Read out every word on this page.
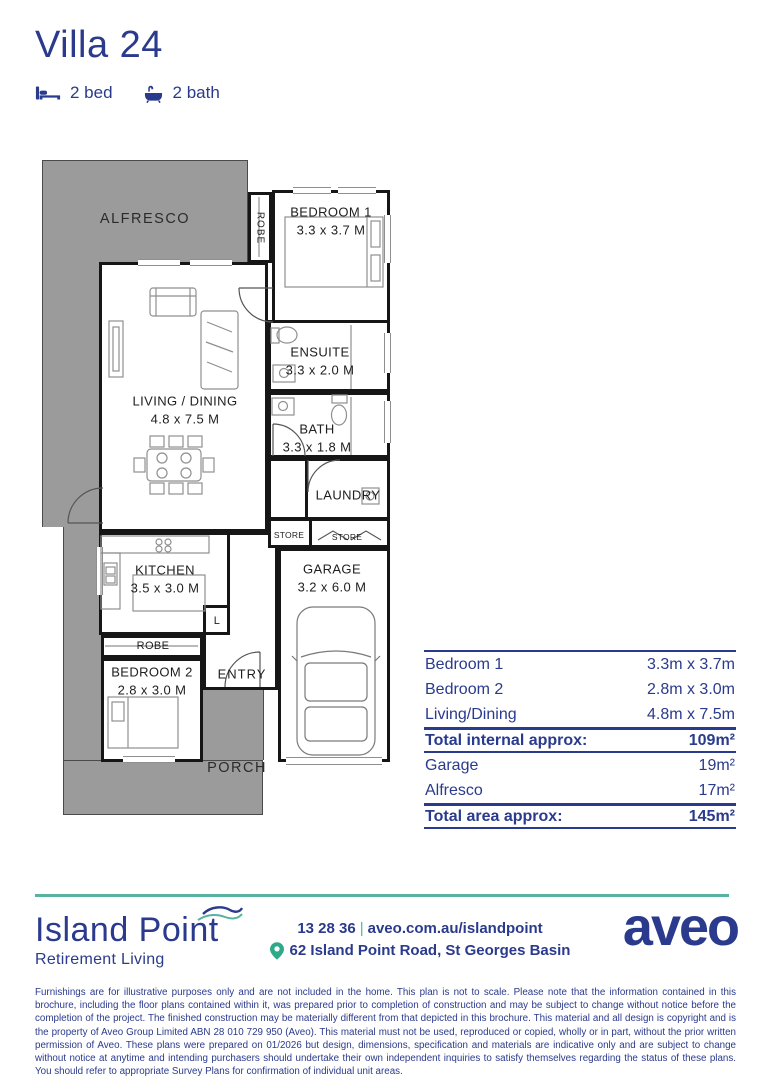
Villa 24
2 bed	2 bath
ALFRESCO	ROBE BEDROOM 1
3.3 x 3.7 M
ENSUITE
3.3 x 2.0 M
BATH
3.3 x 1.8 M
LIVING / DINING
4.8 x 7.5 M
LAUNDRY
STORE	STORE
GARAGE
3.2 x 6.0 M
KITCHEN
3.5 x 3.0 M
L
ROBE
BEDROOM 2
2.8 x 3.0 M
ENTRY
PORCH
Bedroom 1	3.3m x 3.7m
Bedroom 2	2.8m x 3.0m
Living/Dining	4.8m x 7.5m
Total internal approx:	109m²
Garage	19m²
Alfresco	17m²
Total area approx:	145m²
Island Point
Retirement Living
13 28 36 | aveo.com.au/islandpoint
62 Island Point Road, St Georges Basin aveo
Furnishings are for illustrative purposes only and are not included in the home. This plan is not to scale. Please note that the information contained in this brochure, including the floor plans contained within it, was prepared prior to completion of construction and may be subject to change without notice before the completion of the project. The finished construction may be materially different from that depicted in this brochure. This material and all design is copyright and is the property of Aveo Group Limited ABN 28 010 729 950 (Aveo). This material must not be used, reproduced or copied, wholly or in part, without the prior written permission of Aveo. These plans were prepared on 01/2026 but design, dimensions, specification and materials are indicative only and are subject to change without notice at anytime and intending purchasers should undertake their own independent inquiries to satisfy themselves regarding the status of these plans. You should refer to appropriate Survey Plans for confirmation of individual unit areas.
